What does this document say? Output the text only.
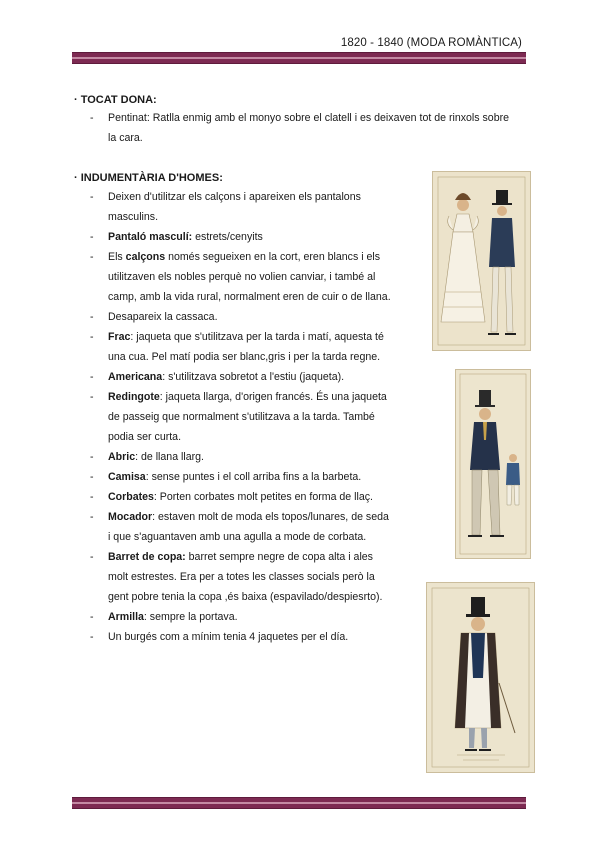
1820 - 1840 (MODA ROMÀNTICA)
· TOCAT DONA:
- Pentinat: Ratlla enmig amb el monyo sobre el clatell i es deixaven tot de rinxols sobre
la cara.
· INDUMENTÀRIA D'HOMES:
- Deixen d'utilitzar els calçons i apareixen els pantalons
masculins.
- Pantaló masculí: estrets/cenyits
- Els calçons només segueixen en la cort, eren blancs i els
utilitzaven els nobles perquè no volien canviar, i també al
camp, amb la vida rural, normalment eren de cuir o de llana.
- Desapareix la cassaca.
- Frac: jaqueta que s'utilitzava per la tarda i matí, aquesta té
una cua. Pel matí podia ser blanc,gris i per la tarda regne.
- Americana: s'utilitzava sobretot a l'estiu (jaqueta).
- Redingote: jaqueta llarga, d'origen francés. És una jaqueta
de passeig que normalment s'utilitzava a la tarda. També
podia ser curta.
- Abric: de llana llarg.
- Camisa: sense puntes i el coll arriba fins a la barbeta.
- Corbates: Porten corbates molt petites en forma de llaç.
- Mocador: estaven molt de moda els topos/lunares, de seda
i que s'aguantaven amb una agulla a mode de corbata.
- Barret de copa: barret sempre negre de copa alta i ales
molt estrestes. Era per a totes les classes socials però la
gent pobre tenia la copa ,és baixa (espavilado/despiesrto).
- Armilla: sempre la portava.
- Un burgés com a mínim tenia 4 jaquetes per el día.
